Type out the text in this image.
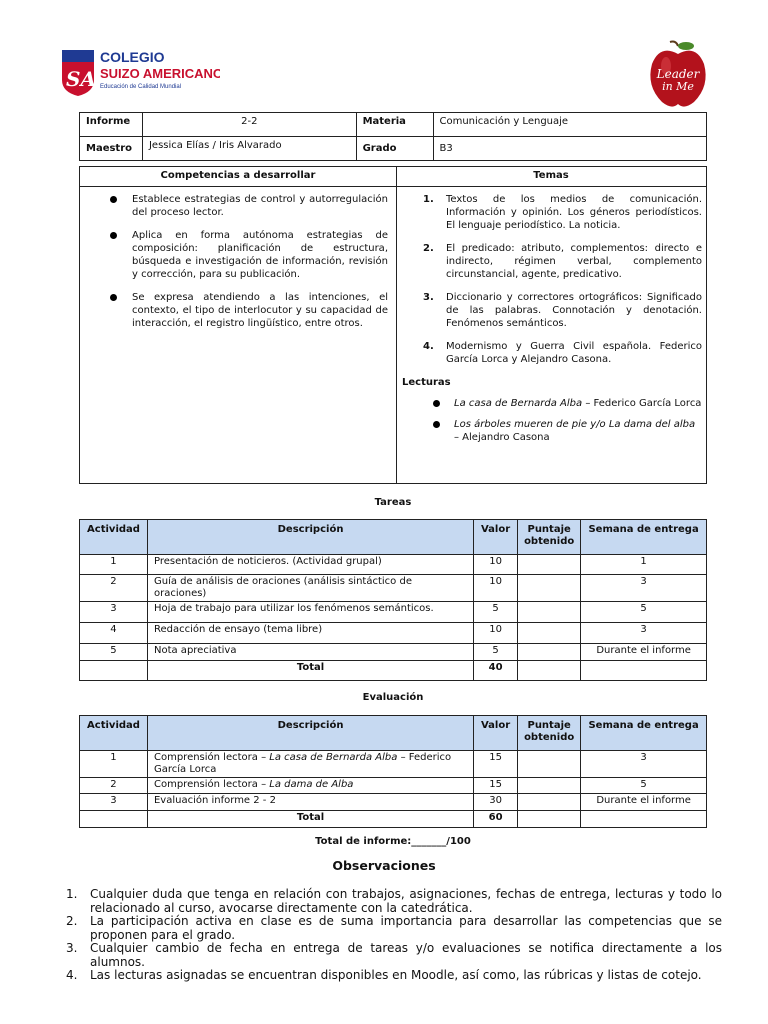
SA
COLEGIO
SUIZO AMERICANO
Educación de Calidad Mundial
Leader
in Me
Informe	2-2	Materia	Comunicación y Lenguaje
Maestro	Jessica Elías / Iris Alvarado	Grado	B3
Competencias a desarrollar	Temas
Establece estrategias de control y autorregulación del proceso lector.
Aplica en forma autónoma estrategias de composición: planificación de estructura, búsqueda e investigación de información, revisión y corrección, para su publicación.
Se expresa atendiendo a las intenciones, el contexto, el tipo de interlocutor y su capacidad de interacción, el registro lingüístico, entre otros.
1. Textos de los medios de comunicación. Información y opinión. Los géneros periodísticos. El lenguaje periodístico. La noticia.
2. El predicado: atributo, complementos: directo e indirecto, régimen verbal, complemento circunstancial, agente, predicativo.
3. Diccionario y correctores ortográficos: Significado de las palabras. Connotación y denotación. Fenómenos semánticos.
4. Modernismo y Guerra Civil española. Federico García Lorca y Alejandro Casona.
Lecturas
La casa de Bernarda Alba – Federico García Lorca
Los árboles mueren de pie y/o La dama del alba – Alejandro Casona
Tareas
Actividad	Descripción	Valor	Puntaje obtenido	Semana de entrega
1	Presentación de noticieros. (Actividad grupal)	10		1
2	Guía de análisis de oraciones (análisis sintáctico de oraciones)	10		3
3	Hoja de trabajo para utilizar los fenómenos semánticos.	5		5
4	Redacción de ensayo (tema libre)	10		3
5	Nota apreciativa	5		Durante el informe
	Total	40		
Evaluación
Actividad	Descripción	Valor	Puntaje obtenido	Semana de entrega
1	Comprensión lectora – La casa de Bernarda Alba – Federico García Lorca	15		3
2	Comprensión lectora – La dama de Alba	15		5
3	Evaluación informe 2 - 2	30		Durante el informe
	Total	60		
Total de informe:_______/100
Observaciones
1. Cualquier duda que tenga en relación con trabajos, asignaciones, fechas de entrega, lecturas y todo lo relacionado al curso, avocarse directamente con la catedrática.
2. La participación activa en clase es de suma importancia para desarrollar las competencias que se proponen para el grado.
3. Cualquier cambio de fecha en entrega de tareas y/o evaluaciones se notifica directamente a los alumnos.
4. Las lecturas asignadas se encuentran disponibles en Moodle, así como, las rúbricas y listas de cotejo.
